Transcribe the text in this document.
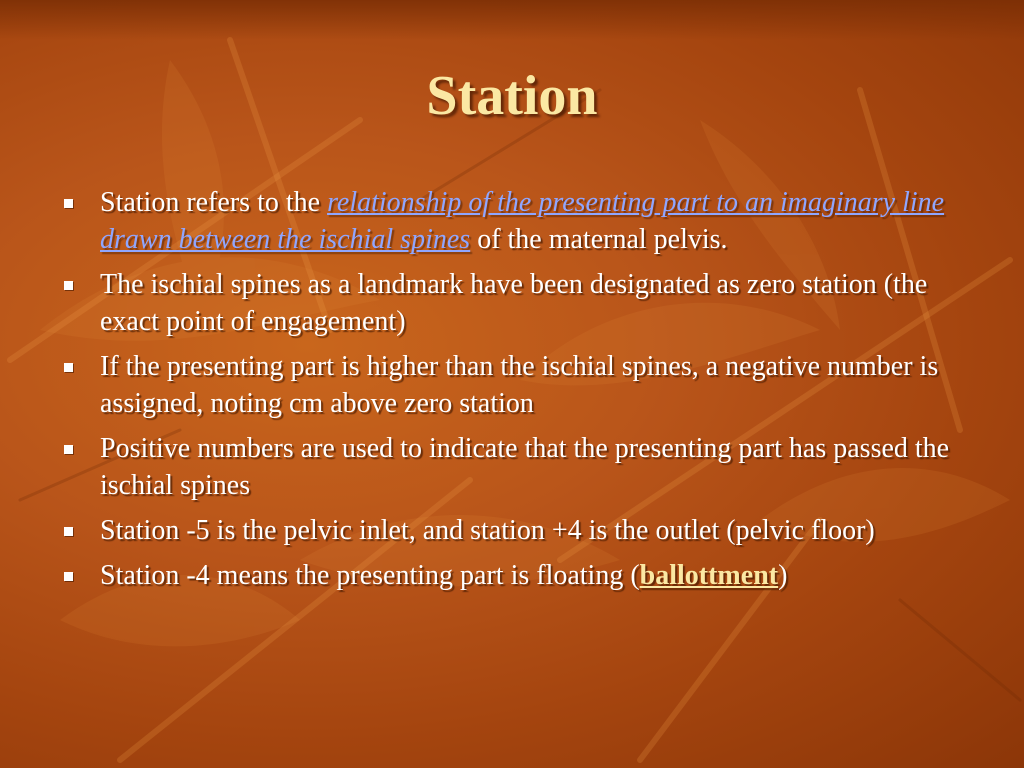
Station
Station refers to the relationship of the presenting part to an imaginary line drawn between the ischial spines of the maternal pelvis.
The ischial spines as a landmark have been designated as zero station (the exact point of engagement)
If the presenting part is higher than the ischial spines, a negative number is assigned, noting cm above zero station
Positive numbers are used to indicate that the presenting part has passed the ischial spines
Station -5 is the pelvic inlet, and station +4 is the outlet (pelvic floor)
Station -4 means the presenting part is floating (ballottment)
